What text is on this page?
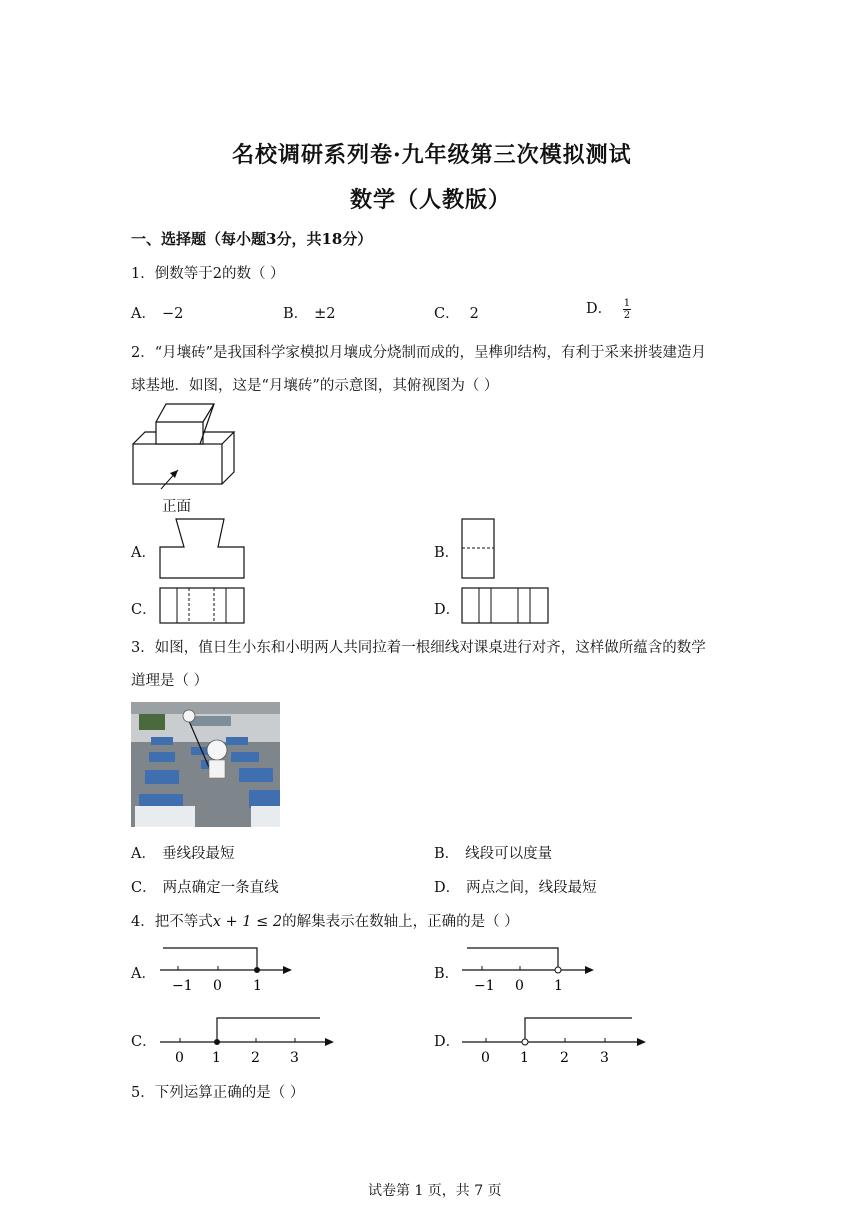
名校调研系列卷·九年级第三次模拟测试
数学（人教版）
一、选择题（每小题3分，共18分）
1．倒数等于2的数（ ）
A． −2	B． ±2	C． 2	D． $\frac{1}{2}$
2．“月壤砖”是我国科学家模拟月壤成分烧制而成的，呈榫卯结构，有利于采来拼装建造月
球基地．如图，这是“月壤砖”的示意图，其俯视图为（ ）
正面
A．	B．
C．	D．
3．如图，值日生小东和小明两人共同拉着一根细线对课桌进行对齐，这样做所蕴含的数学
道理是（ ）
A． 垂线段最短	B． 线段可以度量
C． 两点确定一条直线	D． 两点之间，线段最短
4．把不等式x + 1 ≤ 2的解集表示在数轴上，正确的是（ ）
A．
−1 0 1
B．
−1 0 1
C．
0 1 2 3
D．
0 1 2 3
5．下列运算正确的是（ ）
试卷第 1 页，共 7 页
